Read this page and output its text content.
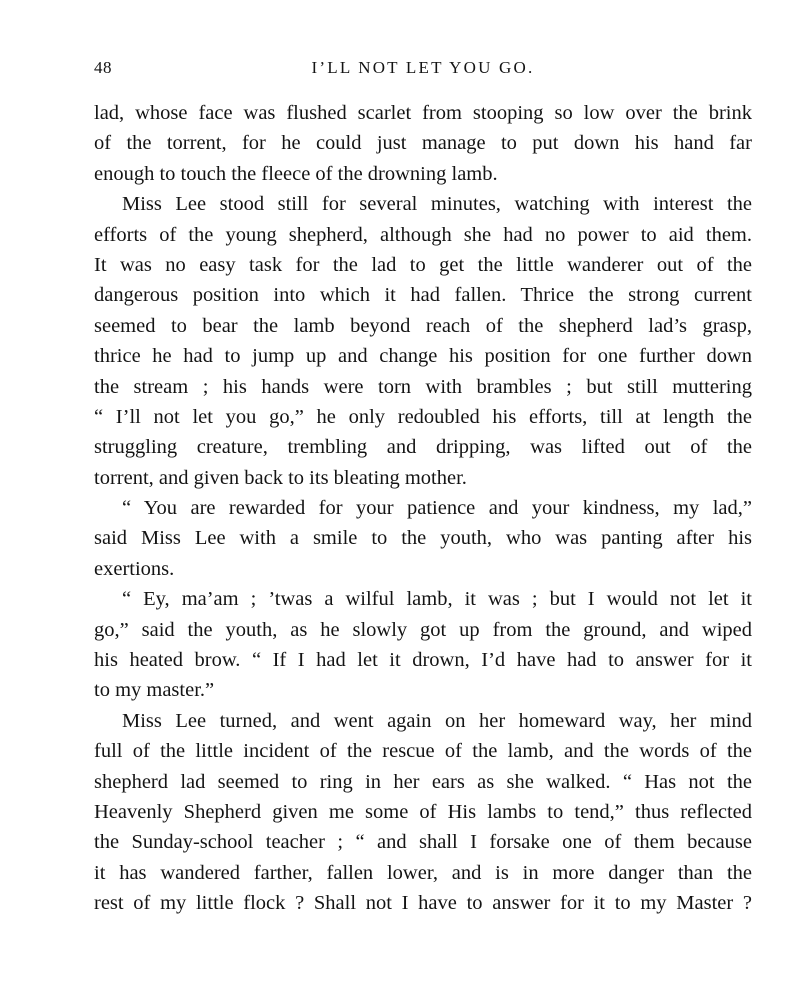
48	I’LL NOT LET YOU GO.
lad, whose face was flushed scarlet from stooping so low over the brink
of the torrent, for he could just manage to put down his hand far
enough to touch the fleece of the drowning lamb.
Miss Lee stood still for several minutes, watching with interest the
efforts of the young shepherd, although she had no power to aid them.
It was no easy task for the lad to get the little wanderer out of the
dangerous position into which it had fallen. Thrice the strong current
seemed to bear the lamb beyond reach of the shepherd lad’s grasp,
thrice he had to jump up and change his position for one further down
the stream ; his hands were torn with brambles ; but still muttering
“ I’ll not let you go,” he only redoubled his efforts, till at length the
struggling creature, trembling and dripping, was lifted out of the
torrent, and given back to its bleating mother.
“ You are rewarded for your patience and your kindness, my lad,”
said Miss Lee with a smile to the youth, who was panting after his
exertions.
“ Ey, ma’am ; ’twas a wilful lamb, it was ; but I would not let it
go,” said the youth, as he slowly got up from the ground, and wiped
his heated brow. “ If I had let it drown, I’d have had to answer for it
to my master.”
Miss Lee turned, and went again on her homeward way, her mind
full of the little incident of the rescue of the lamb, and the words of the
shepherd lad seemed to ring in her ears as she walked. “ Has not the
Heavenly Shepherd given me some of His lambs to tend,” thus reflected
the Sunday-school teacher ; “ and shall I forsake one of them because
it has wandered farther, fallen lower, and is in more danger than the
rest of my little flock ? Shall not I have to answer for it to my Master ?
